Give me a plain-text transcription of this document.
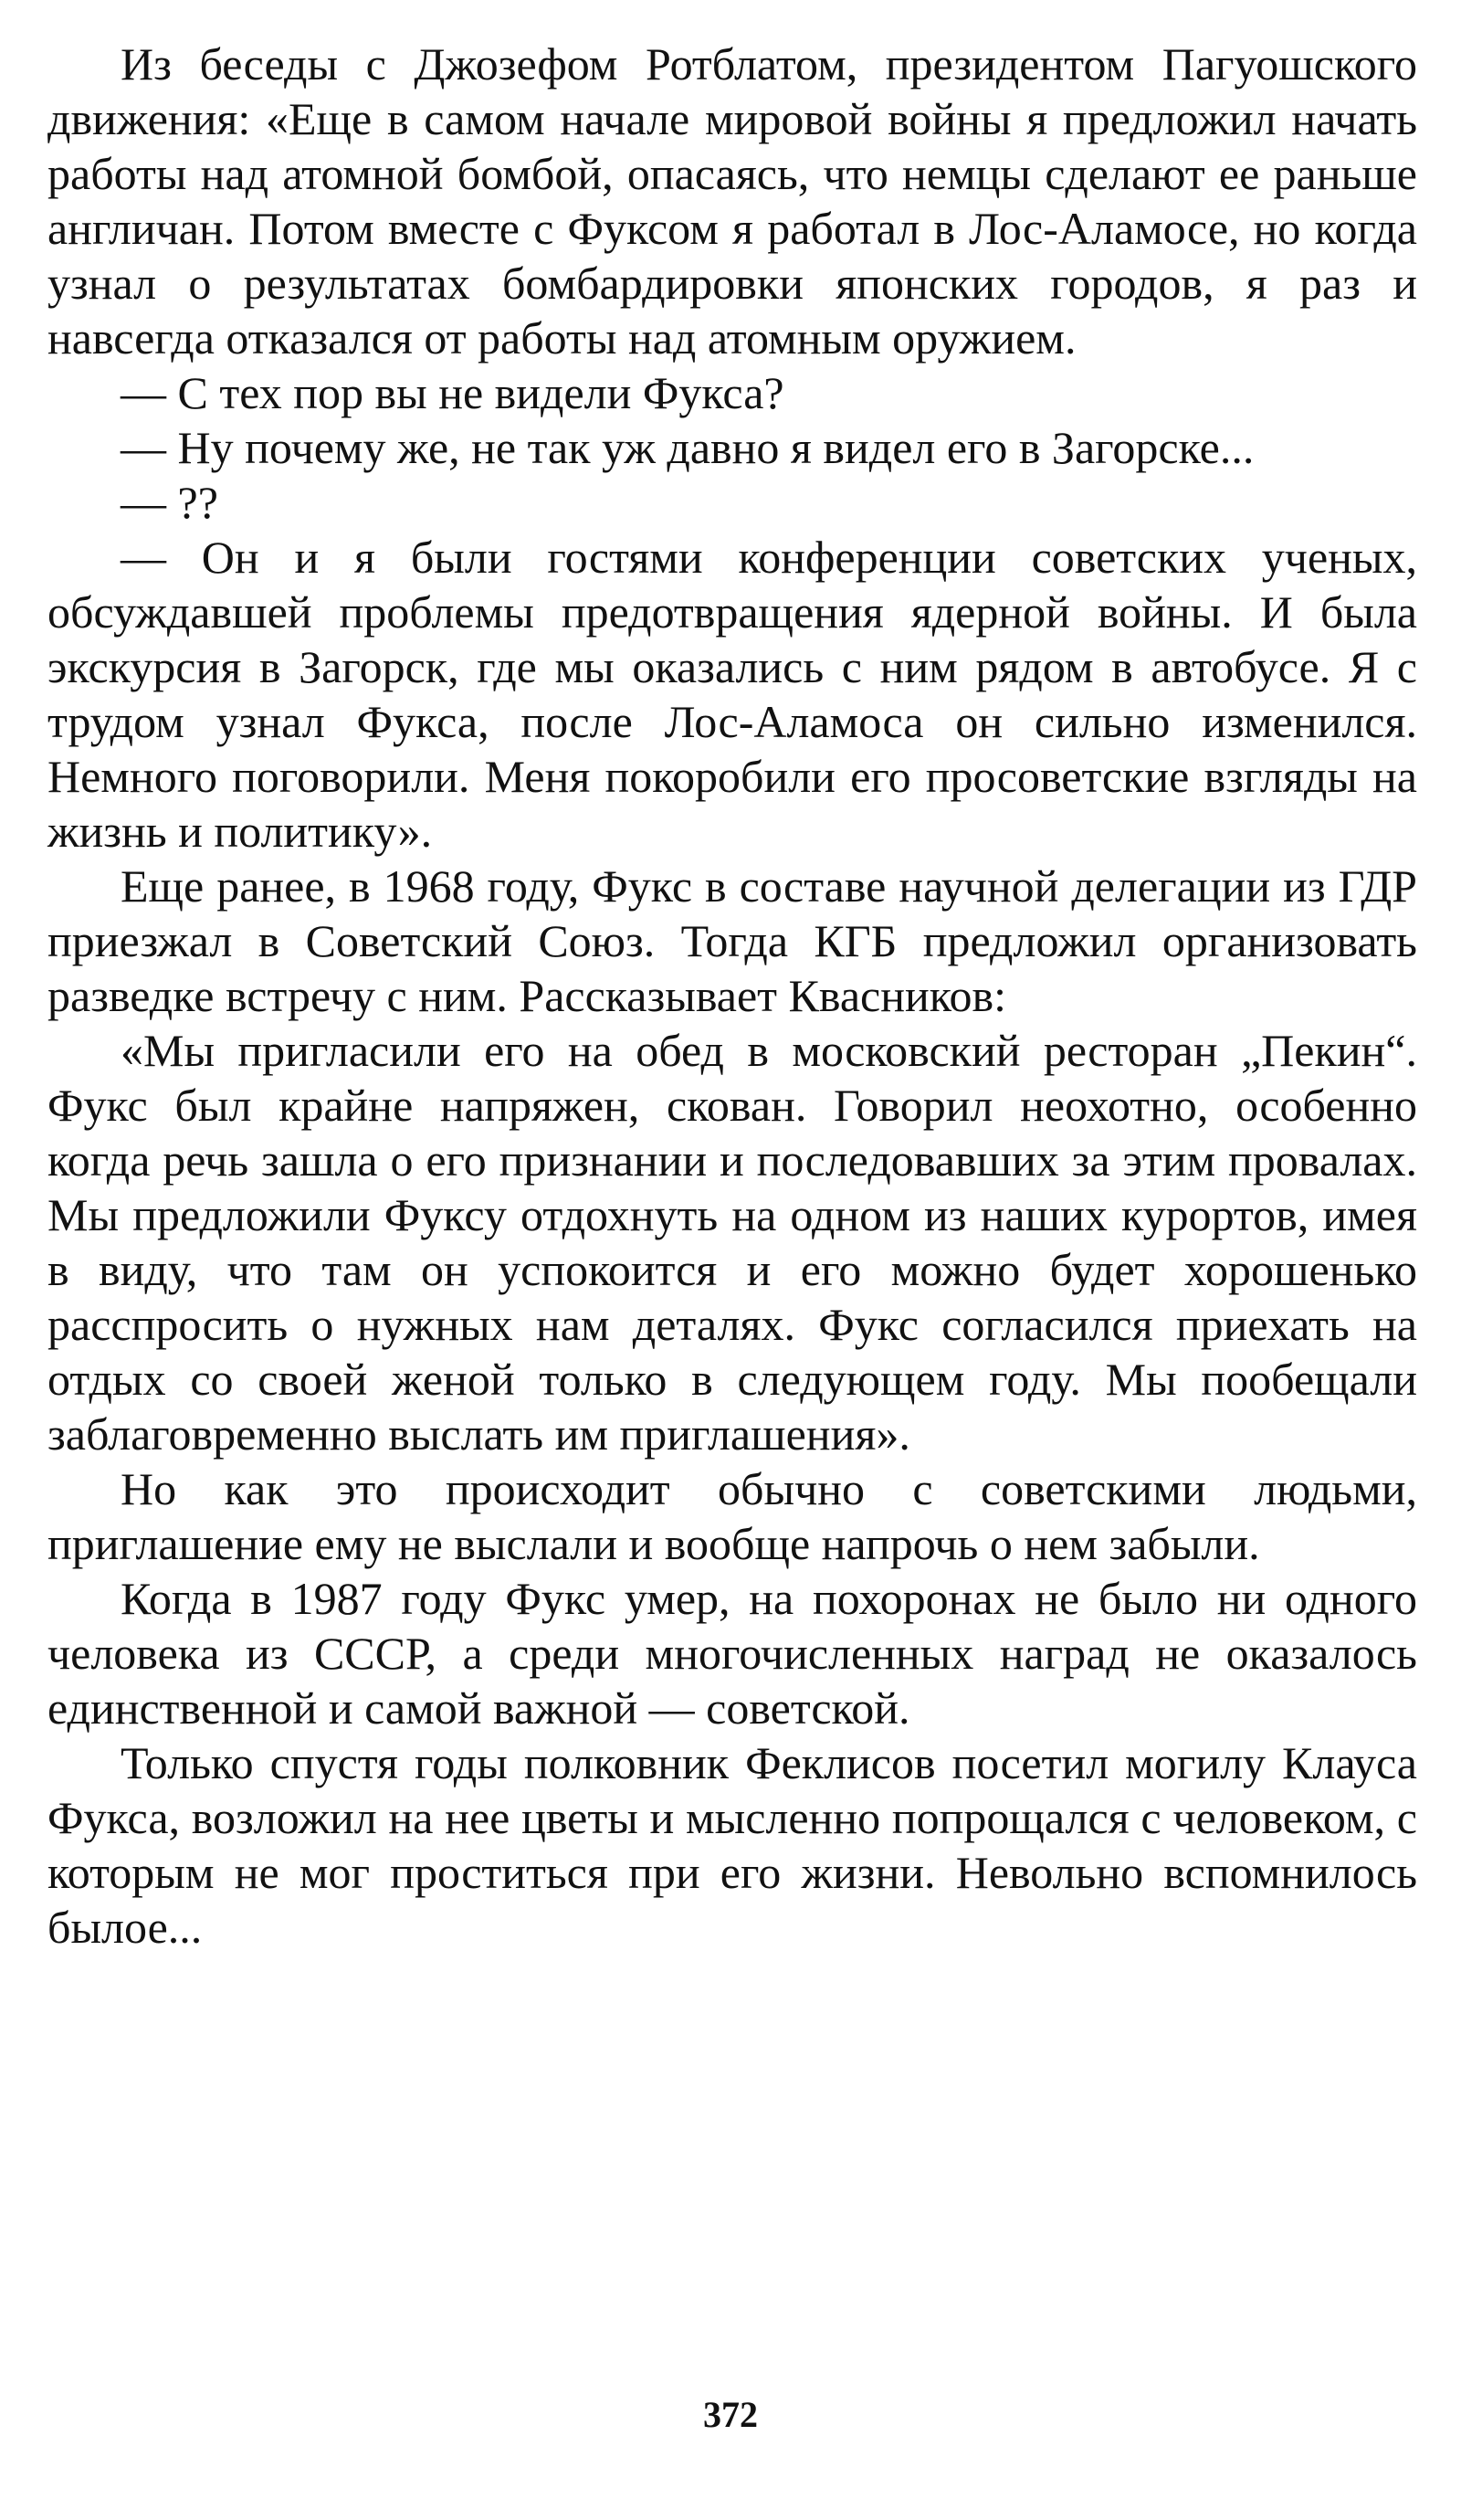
Из беседы с Джозефом Ротблатом, президентом Пагуошского движения: «Еще в самом начале мировой войны я предложил начать работы над атомной бомбой, опасаясь, что немцы сделают ее раньше англичан. Потом вместе с Фуксом я работал в Лос-Аламосе, но когда узнал о результатах бомбардировки японских городов, я раз и навсегда отказался от работы над атомным оружием.

— С тех пор вы не видели Фукса?

— Ну почему же, не так уж давно я видел его в Загорске...

— ??

— Он и я были гостями конференции советских ученых, обсуждавшей проблемы предотвращения ядерной войны. И была экскурсия в Загорск, где мы оказались с ним рядом в автобусе. Я с трудом узнал Фукса, после Лос-Аламоса он сильно изменился. Немного поговорили. Меня покоробили его просоветские взгляды на жизнь и политику».

Еще ранее, в 1968 году, Фукс в составе научной делегации из ГДР приезжал в Советский Союз. Тогда КГБ предложил организовать разведке встречу с ним. Рассказывает Квасников:

«Мы пригласили его на обед в московский ресторан „Пекин“. Фукс был крайне напряжен, скован. Говорил неохотно, особенно когда речь зашла о его признании и последовавших за этим провалах. Мы предложили Фуксу отдохнуть на одном из наших курортов, имея в виду, что там он успокоится и его можно будет хорошенько расспросить о нужных нам деталях. Фукс согласился приехать на отдых со своей женой только в следующем году. Мы пообещали заблаговременно выслать им приглашения».

Но как это происходит обычно с советскими людьми, приглашение ему не выслали и вообще напрочь о нем забыли.

Когда в 1987 году Фукс умер, на похоронах не было ни одного человека из СССР, а среди многочисленных наград не оказалось единственной и самой важной — советской.

Только спустя годы полковник Феклисов посетил могилу Клауса Фукса, возложил на нее цветы и мысленно попрощался с человеком, с которым не мог проститься при его жизни. Невольно вспомнилось былое...

372
